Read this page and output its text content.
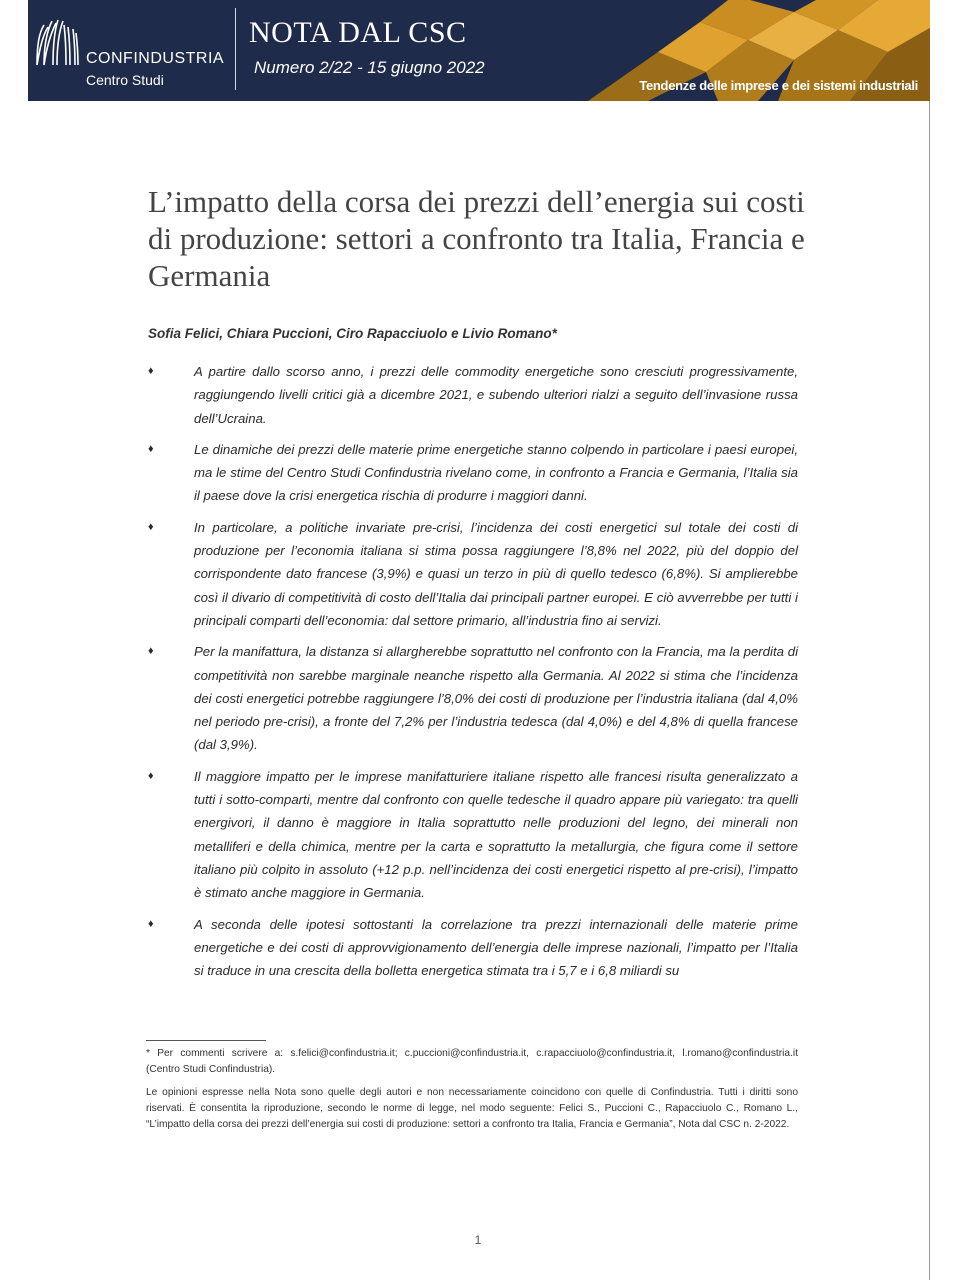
CONFINDUSTRIA
Centro Studi
NOTA DAL CSC
Numero 2/22 - 15 giugno 2022
Tendenze delle imprese e dei sistemi industriali
L’impatto della corsa dei prezzi dell’energia sui costi di produzione: settori a confronto tra Italia, Francia e Germania

Sofia Felici, Chiara Puccioni, Ciro Rapacciuolo e Livio Romano*

♦	A partire dallo scorso anno, i prezzi delle commodity energetiche sono cresciuti progressivamente, raggiungendo livelli critici già a dicembre 2021, e subendo ulteriori rialzi a seguito dell’invasione russa dell’Ucraina.
♦	Le dinamiche dei prezzi delle materie prime energetiche stanno colpendo in particolare i paesi europei, ma le stime del Centro Studi Confindustria rivelano come, in confronto a Francia e Germania, l’Italia sia il paese dove la crisi energetica rischia di produrre i maggiori danni.
♦	In particolare, a politiche invariate pre-crisi, l’incidenza dei costi energetici sul totale dei costi di produzione per l’economia italiana si stima possa raggiungere l’8,8% nel 2022, più del doppio del corrispondente dato francese (3,9%) e quasi un terzo in più di quello tedesco (6,8%). Si amplierebbe così il divario di competitività di costo dell’Italia dai principali partner europei. E ciò avverrebbe per tutti i principali comparti dell’economia: dal settore primario, all’industria fino ai servizi.
♦	Per la manifattura, la distanza si allargherebbe soprattutto nel confronto con la Francia, ma la perdita di competitività non sarebbe marginale neanche rispetto alla Germania. Al 2022 si stima che l’incidenza dei costi energetici potrebbe raggiungere l’8,0% dei costi di produzione per l’industria italiana (dal 4,0% nel periodo pre-crisi), a fronte del 7,2% per l’industria tedesca (dal 4,0%) e del 4,8% di quella francese (dal 3,9%).
♦	Il maggiore impatto per le imprese manifatturiere italiane rispetto alle francesi risulta generalizzato a tutti i sotto-comparti, mentre dal confronto con quelle tedesche il quadro appare più variegato: tra quelli energivori, il danno è maggiore in Italia soprattutto nelle produzioni del legno, dei minerali non metalliferi e della chimica, mentre per la carta e soprattutto la metallurgia, che figura come il settore italiano più colpito in assoluto (+12 p.p. nell’incidenza dei costi energetici rispetto al pre-crisi), l’impatto è stimato anche maggiore in Germania.
♦	A seconda delle ipotesi sottostanti la correlazione tra prezzi internazionali delle materie prime energetiche e dei costi di approvvigionamento dell’energia delle imprese nazionali, l’impatto per l’Italia si traduce in una crescita della bolletta energetica stimata tra i 5,7 e i 6,8 miliardi su

* Per commenti scrivere a: s.felici@confindustria.it; c.puccioni@confindustria.it, c.rapacciuolo@confindustria.it, l.romano@confindustria.it (Centro Studi Confindustria).

Le opinioni espresse nella Nota sono quelle degli autori e non necessariamente coincidono con quelle di Confindustria. Tutti i diritti sono riservati. È consentita la riproduzione, secondo le norme di legge, nel modo seguente: Felici S., Puccioni C., Rapacciuolo C., Romano L., “L’impatto della corsa dei prezzi dell’energia sui costi di produzione: settori a confronto tra Italia, Francia e Germania”, Nota dal CSC n. 2-2022.

1
